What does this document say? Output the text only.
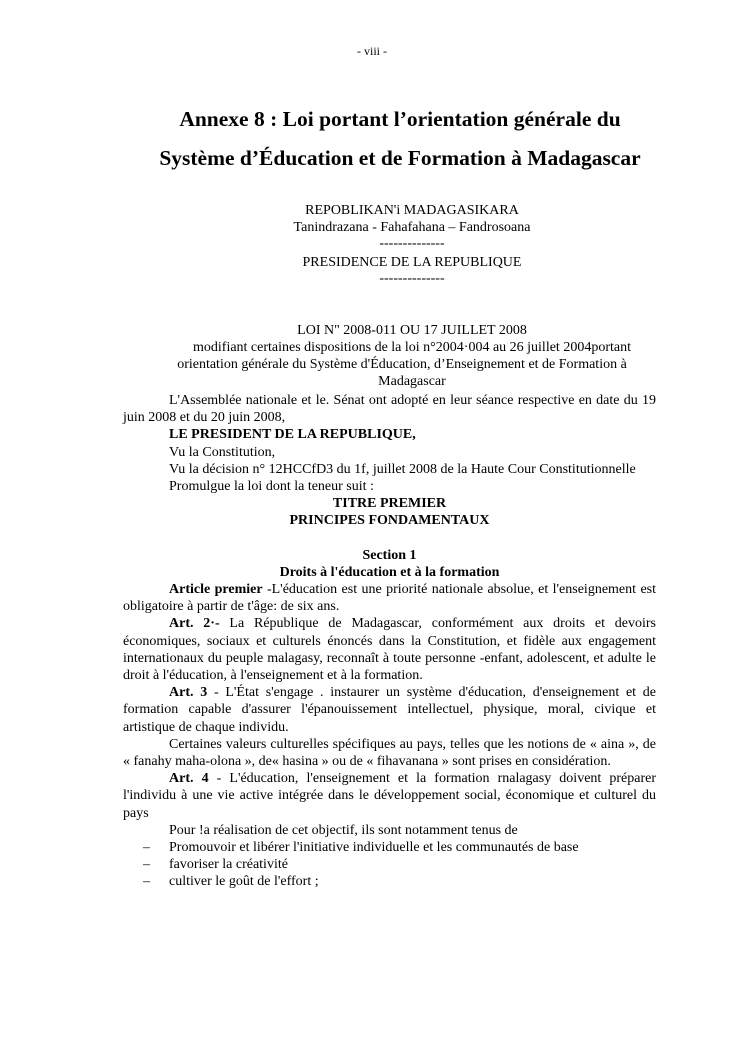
- viii -
Annexe 8 : Loi portant l’orientation générale du
Système d’Éducation et de Formation à Madagascar
REPOBLIKAN'i MADAGASIKARA
Tanindrazana - Fahafahana – Fandrosoana
--------------
PRESIDENCE DE LA REPUBLIQUE
--------------
LOI N" 2008-011 OU 17 JUILLET 2008
modifiant certaines dispositions de la loi n°2004·004 au 26 juillet 2004portant
orientation générale du Système d'Éducation, d’Enseignement et de Formation à
Madagascar

L'Assemblée nationale et le. Sénat ont adopté en leur séance respective en date du 19 juin 2008 et du 20 juin 2008,

LE PRESIDENT DE LA REPUBLIQUE,

Vu la Constitution,

Vu la décision n° 12HCCfD3 du 1f, juillet 2008 de la Haute Cour Constitutionnelle

Promulgue la loi dont la teneur suit :

TITRE PREMIER

PRINCIPES FONDAMENTAUX

Section 1

Droits à l'éducation et à la formation

Article premier -L'éducation est une priorité nationale absolue, et l'enseignement est obligatoire à partir de t'âge: de six ans.

Art. 2·- La République de Madagascar, conformément aux droits et devoirs économiques, sociaux et culturels énoncés dans la Constitution, et fidèle aux engagement internationaux du peuple malagasy, reconnaît à toute personne -enfant, adolescent, et adulte le droit à l'éducation, à l'enseignement et à la formation.

Art. 3 - L'État s'engage . instaurer un système d'éducation, d'enseignement et de formation capable d'assurer l'épanouissement intellectuel, physique, moral, civique et artistique de chaque individu.

Certaines valeurs culturelles spécifiques au pays, telles que les notions de « aina », de « fanahy maha-olona », de« hasina » ou de « fihavanana » sont prises en considération.

Art. 4 - L'éducation, l'enseignement et la formation rnalagasy doivent préparer l'individu à une vie active intégrée dans le développement social, économique et culturel du pays

Pour !a réalisation de cet objectif, ils sont notamment tenus de

– Promouvoir et libérer l'initiative individuelle et les communautés de base
– favoriser la créativité
– cultiver le goût de l'effort ;
